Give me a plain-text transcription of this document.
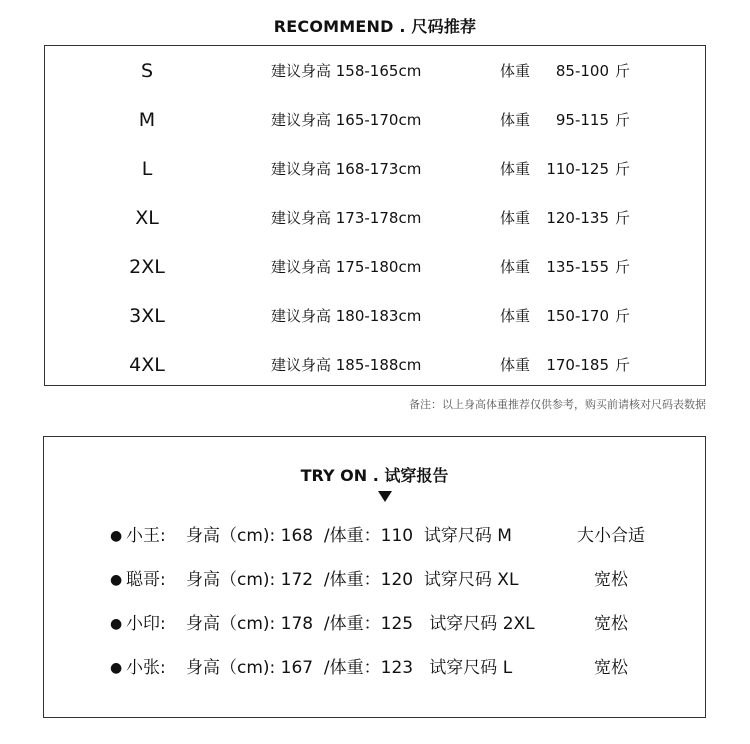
RECOMMEND . 尺码推荐
S	建议身高 158-165cm	体重	85-100 斤
M	建议身高 165-170cm	体重	95-115 斤
L	建议身高 168-173cm	体重 110-125 斤
XL	建议身高 173-178cm	体重 120-135 斤
2XL	建议身高 175-180cm	体重 135-155 斤
3XL	建议身高 180-183cm	体重 150-170 斤
4XL	建议身高 185-188cm	体重 170-185 斤
备注：以上身高体重推荐仅供参考，购买前请核对尺码表数据
TRY ON . 试穿报告
● 小王: 身高（cm): 168  /体重：110  试穿尺码 M	大小合适
● 聪哥: 身高（cm): 172  /体重：120  试穿尺码 XL	宽松
● 小印: 身高（cm): 178  /体重：125   试穿尺码 2XL	宽松
● 小张: 身高（cm): 167  /体重：123   试穿尺码 L	宽松
